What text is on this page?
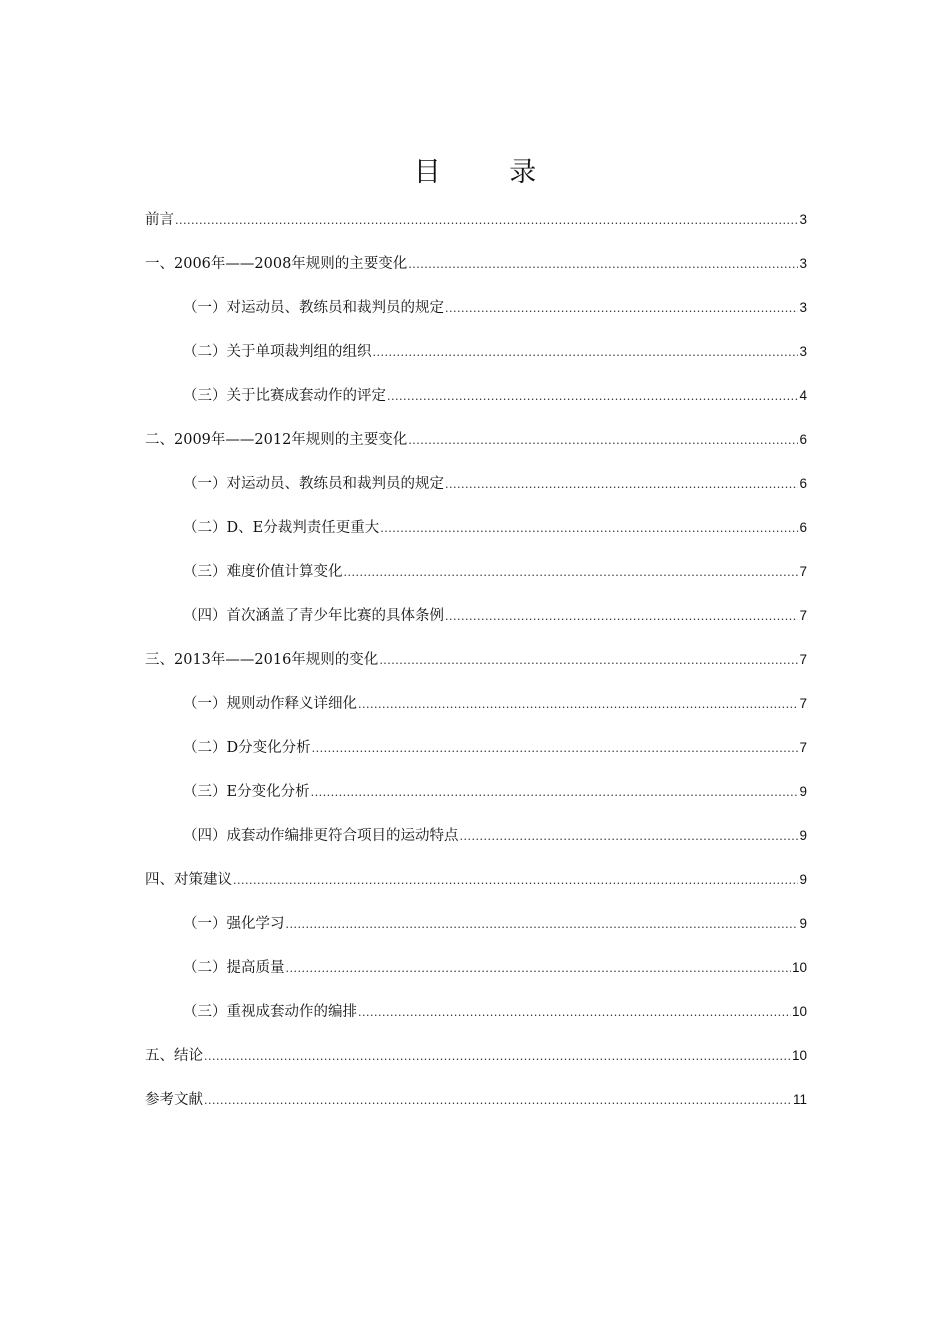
目 录
前言 .....	3
一、2006年——2008年规则的主要变化 .....	3
（一）对运动员、教练员和裁判员的规定 .....	3
（二）关于单项裁判组的组织 .....	3
（三）关于比赛成套动作的评定 .....	4
二、2009年——2012年规则的主要变化 .....	6
（一）对运动员、教练员和裁判员的规定 .....	6
（二）D、E分裁判责任更重大 .....	6
（三）难度价值计算变化 .....	7
（四）首次涵盖了青少年比赛的具体条例 .....	7
三、2013年——2016年规则的变化 .....	7
（一）规则动作释义详细化 .....	7
（二）D分变化分析 .....	7
（三）E分变化分析 .....	9
（四）成套动作编排更符合项目的运动特点 .....	9
四、对策建议 .....	9
（一）强化学习 .....	9
（二）提高质量 .....	10
（三）重视成套动作的编排 .....	10
五、结论 .....	10
参考文献 .....	11
